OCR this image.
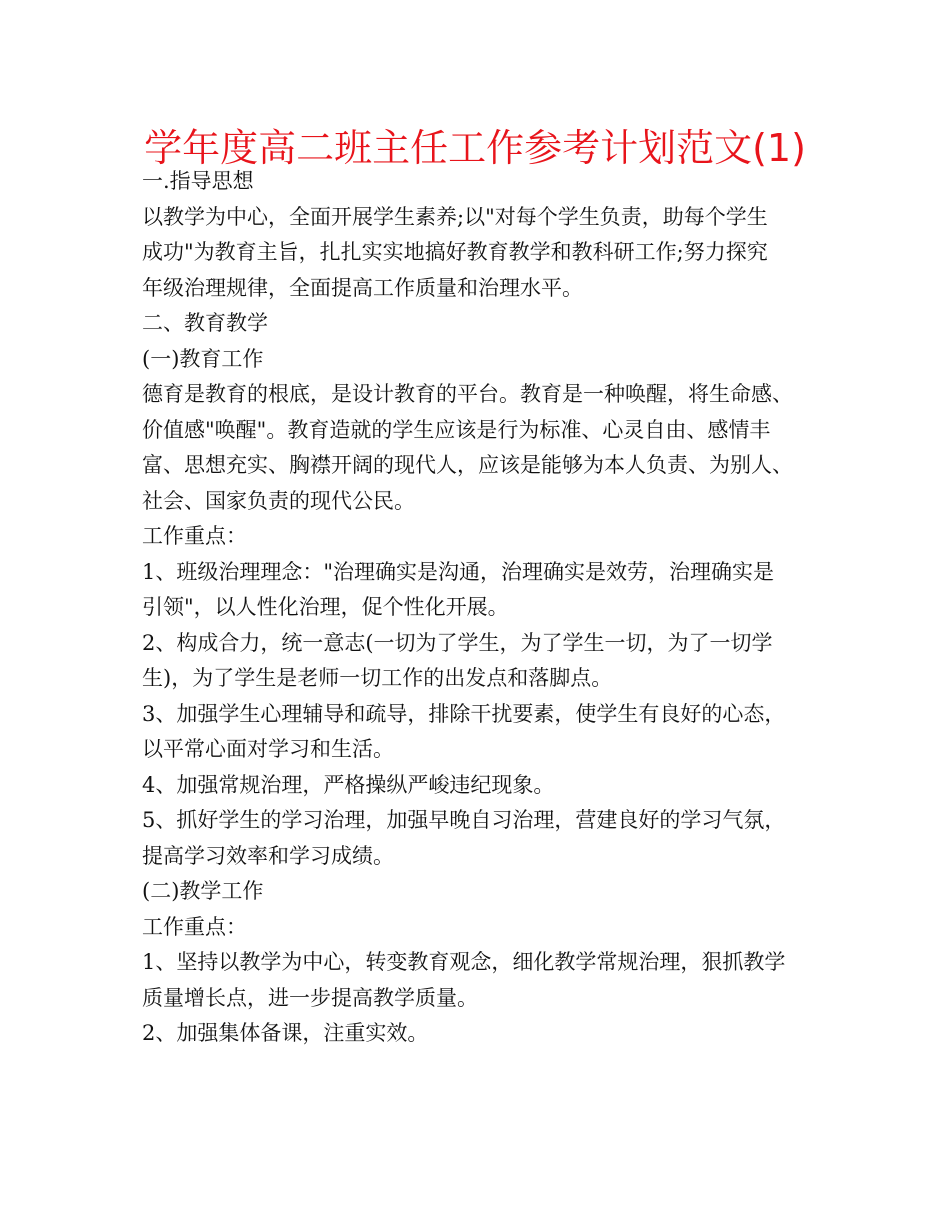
学年度高二班主任工作参考计划范文(1)
一.指导思想
以教学为中心，全面开展学生素养;以"对每个学生负责，助每个学生
成功"为教育主旨，扎扎实实地搞好教育教学和教科研工作;努力探究
年级治理规律，全面提高工作质量和治理水平。
二、教育教学
(一)教育工作
德育是教育的根底，是设计教育的平台。教育是一种唤醒，将生命感、
价值感"唤醒"。教育造就的学生应该是行为标准、心灵自由、感情丰
富、思想充实、胸襟开阔的现代人，应该是能够为本人负责、为别人、
社会、国家负责的现代公民。
工作重点：
1、班级治理理念："治理确实是沟通，治理确实是效劳，治理确实是
引领"，以人性化治理，促个性化开展。
2、构成合力，统一意志(一切为了学生，为了学生一切，为了一切学
生)，为了学生是老师一切工作的出发点和落脚点。
3、加强学生心理辅导和疏导，排除干扰要素，使学生有良好的心态，
以平常心面对学习和生活。
4、加强常规治理，严格操纵严峻违纪现象。
5、抓好学生的学习治理，加强早晚自习治理，营建良好的学习气氛，
提高学习效率和学习成绩。
(二)教学工作
工作重点：
1、坚持以教学为中心，转变教育观念，细化教学常规治理，狠抓教学
质量增长点，进一步提高教学质量。
2、加强集体备课，注重实效。
